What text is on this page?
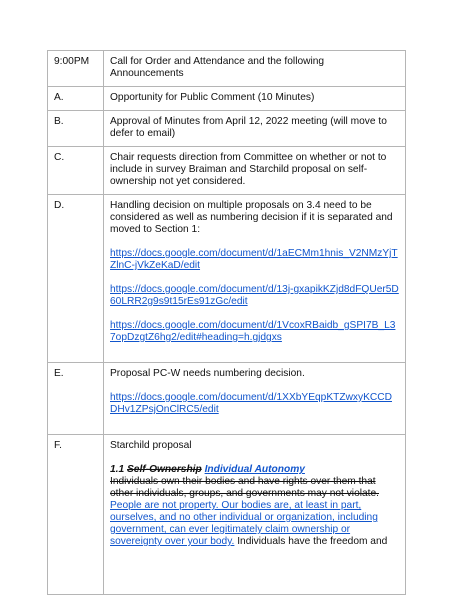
9:00PM	Call for Order and Attendance and the following Announcements
A.	Opportunity for Public Comment (10 Minutes)
B.	Approval of Minutes from April 12, 2022 meeting (will move to defer to email)
C.	Chair requests direction from Committee on whether or not to include in survey Braiman and Starchild proposal on self-ownership not yet considered.
D.	Handling decision on multiple proposals on 3.4 need to be considered as well as numbering decision if it is separated and moved to Section 1:
https://docs.google.com/document/d/1aECMm1hnis_V2NMzYjTZlnC-jVkZeKaD/edit
https://docs.google.com/document/d/13j-gxapikKZjd8dFQUer5D60LRR2g9s9t15rEs91zGc/edit
https://docs.google.com/document/d/1VcoxRBaidb_gSPI7B_L37opDzgtZ6hg2/edit#heading=h.gjdgxs

E.	Proposal PC-W needs numbering decision.
https://docs.google.com/document/d/1XXbYEqpKTZwxyKCCDDHv1ZPsjOnClRC5/edit

F.	Starchild proposal
1.1 Self-Ownership Individual Autonomy
Individuals own their bodies and have rights over them that other individuals, groups, and governments may not violate. People are not property. Our bodies are, at least in part, ourselves, and no other individual or organization, including government, can ever legitimately claim ownership or sovereignty over your body. Individuals have the freedom and
